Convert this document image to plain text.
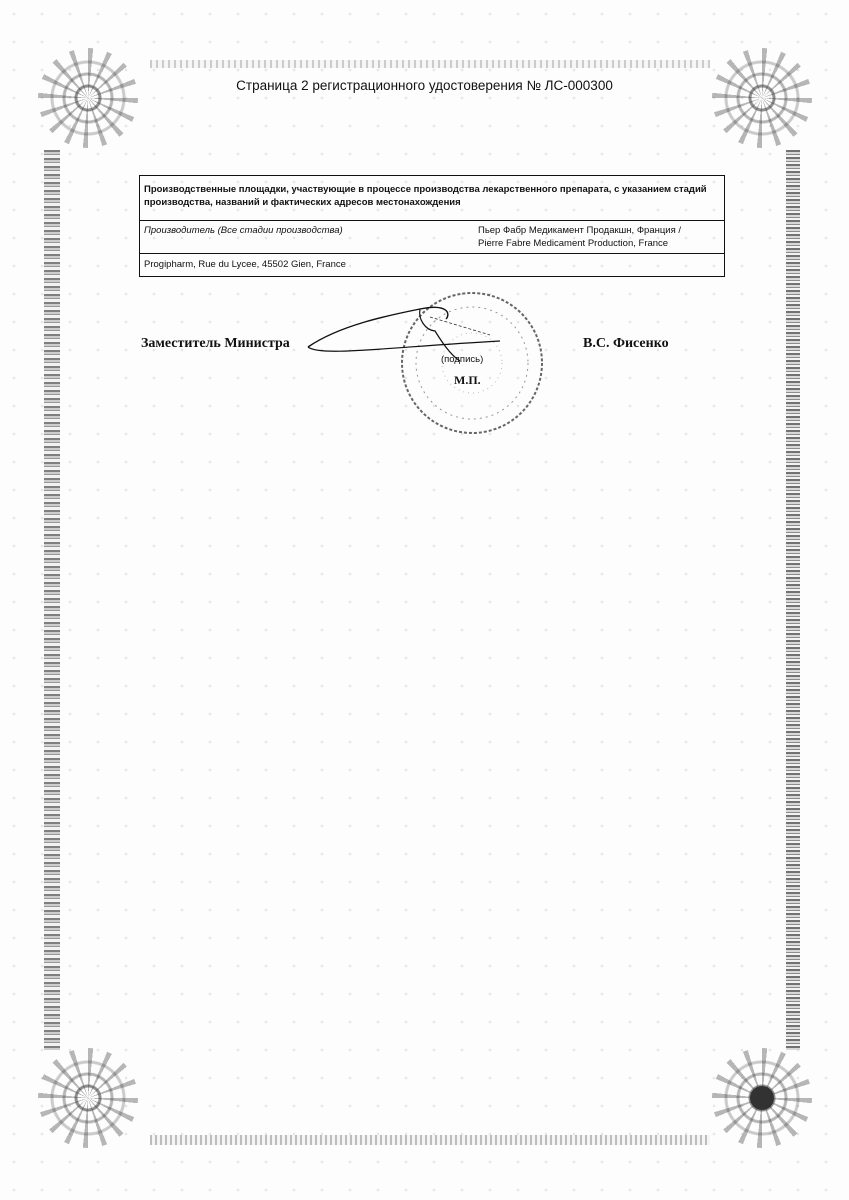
Страница 2 регистрационного удостоверения № ЛС-000300
Производственные площадки, участвующие в процессе производства лекарственного препарата, с указанием стадий производства, названий и фактических адресов местонахождения
Производитель (Все стадии производства)	Пьер Фабр Медикамент Продакшн, Франция /
Pierre Fabre Medicament Production, France

Progipharm, Rue du Lycee, 45502 Gien, France
Заместитель Министра	В.С. Фисенко
(подпись)
М.П.
